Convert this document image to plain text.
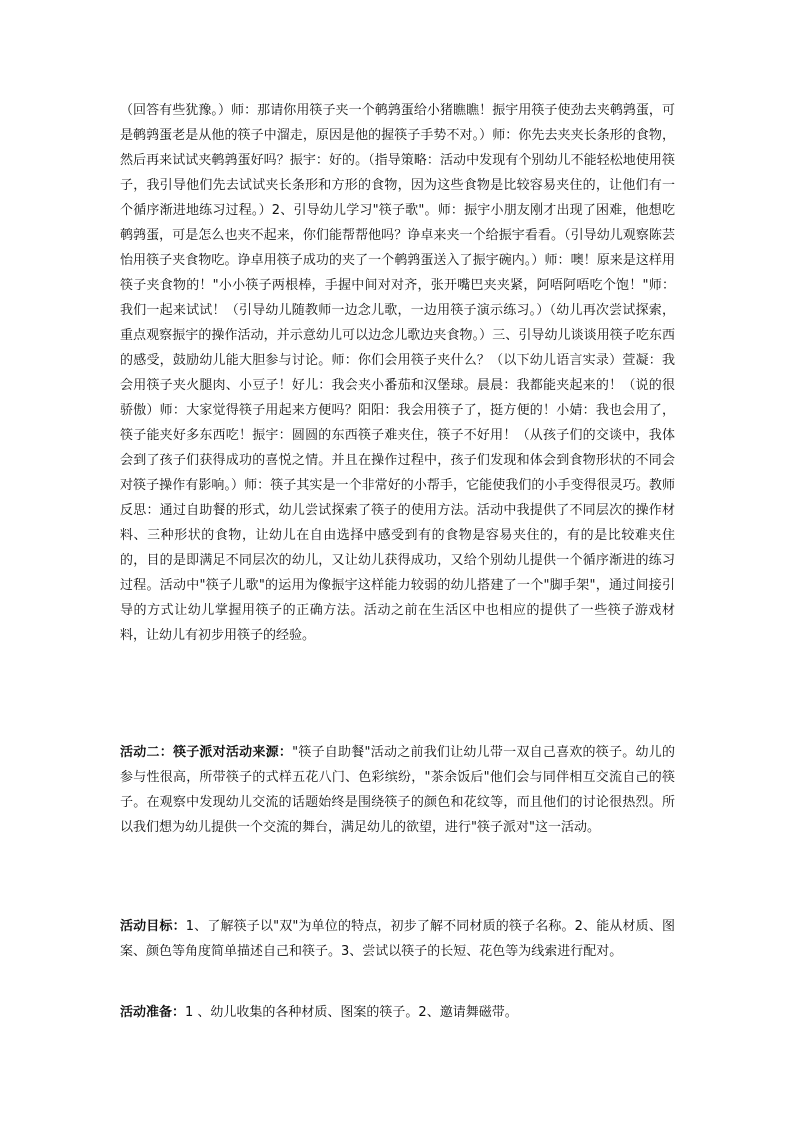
（回答有些犹豫。）师：那请你用筷子夹一个鹌鹑蛋给小猪瞧瞧！振宇用筷子使劲去夹鹌鹑蛋，可是鹌鹑蛋老是从他的筷子中溜走，原因是他的握筷子手势不对。）师：你先去夹夹长条形的食物，然后再来试试夹鹌鹑蛋好吗？振宇：好的。（指导策略：活动中发现有个别幼儿不能轻松地使用筷子，我引导他们先去试试夹长条形和方形的食物，因为这些食物是比较容易夹住的，让他们有一个循序渐进地练习过程。）2、引导幼儿学习"筷子歌"。师：振宇小朋友刚才出现了困难，他想吃鹌鹑蛋，可是怎么也夹不起来，你们能帮帮他吗？诤卓来夹一个给振宇看看。（引导幼儿观察陈芸怡用筷子夹食物吃。诤卓用筷子成功的夹了一个鹌鹑蛋送入了振宇碗内。）师：噢！原来是这样用筷子夹食物的！"小小筷子两根棒，手握中间对对齐，张开嘴巴夹夹紧，阿唔阿唔吃个饱！"师：我们一起来试试！（引导幼儿随教师一边念儿歌，一边用筷子演示练习。）（幼儿再次尝试探索，重点观察振宇的操作活动，并示意幼儿可以边念儿歌边夹食物。）三、引导幼儿谈谈用筷子吃东西的感受，鼓励幼儿能大胆参与讨论。师：你们会用筷子夹什么？（以下幼儿语言实录）萱凝：我会用筷子夹火腿肉、小豆子！好儿：我会夹小番茄和汉堡球。晨晨：我都能夹起来的！（说的很骄傲）师：大家觉得筷子用起来方便吗？阳阳：我会用筷子了，挺方便的！小婧：我也会用了，筷子能夹好多东西吃！振宇：圆圆的东西筷子难夹住，筷子不好用！（从孩子们的交谈中，我体会到了孩子们获得成功的喜悦之情。并且在操作过程中，孩子们发现和体会到食物形状的不同会对筷子操作有影响。）师：筷子其实是一个非常好的小帮手，它能使我们的小手变得很灵巧。教师反思：通过自助餐的形式，幼儿尝试探索了筷子的使用方法。活动中我提供了不同层次的操作材料、三种形状的食物，让幼儿在自由选择中感受到有的食物是容易夹住的，有的是比较难夹住的，目的是即满足不同层次的幼儿，又让幼儿获得成功，又给个别幼儿提供一个循序渐进的练习过程。活动中"筷子儿歌"的运用为像振宇这样能力较弱的幼儿搭建了一个"脚手架"，通过间接引导的方式让幼儿掌握用筷子的正确方法。活动之前在生活区中也相应的提供了一些筷子游戏材料，让幼儿有初步用筷子的经验。

活动二：筷子派对活动来源："筷子自助餐"活动之前我们让幼儿带一双自己喜欢的筷子。幼儿的参与性很高，所带筷子的式样五花八门、色彩缤纷，"茶余饭后"他们会与同伴相互交流自己的筷子。在观察中发现幼儿交流的话题始终是围绕筷子的颜色和花纹等，而且他们的讨论很热烈。所以我们想为幼儿提供一个交流的舞台，满足幼儿的欲望，进行"筷子派对"这一活动。

活动目标：1、了解筷子以"双"为单位的特点，初步了解不同材质的筷子名称。2、能从材质、图案、颜色等角度简单描述自己和筷子。3、尝试以筷子的长短、花色等为线索进行配对。

活动准备：1 、幼儿收集的各种材质、图案的筷子。2、邀请舞磁带。
